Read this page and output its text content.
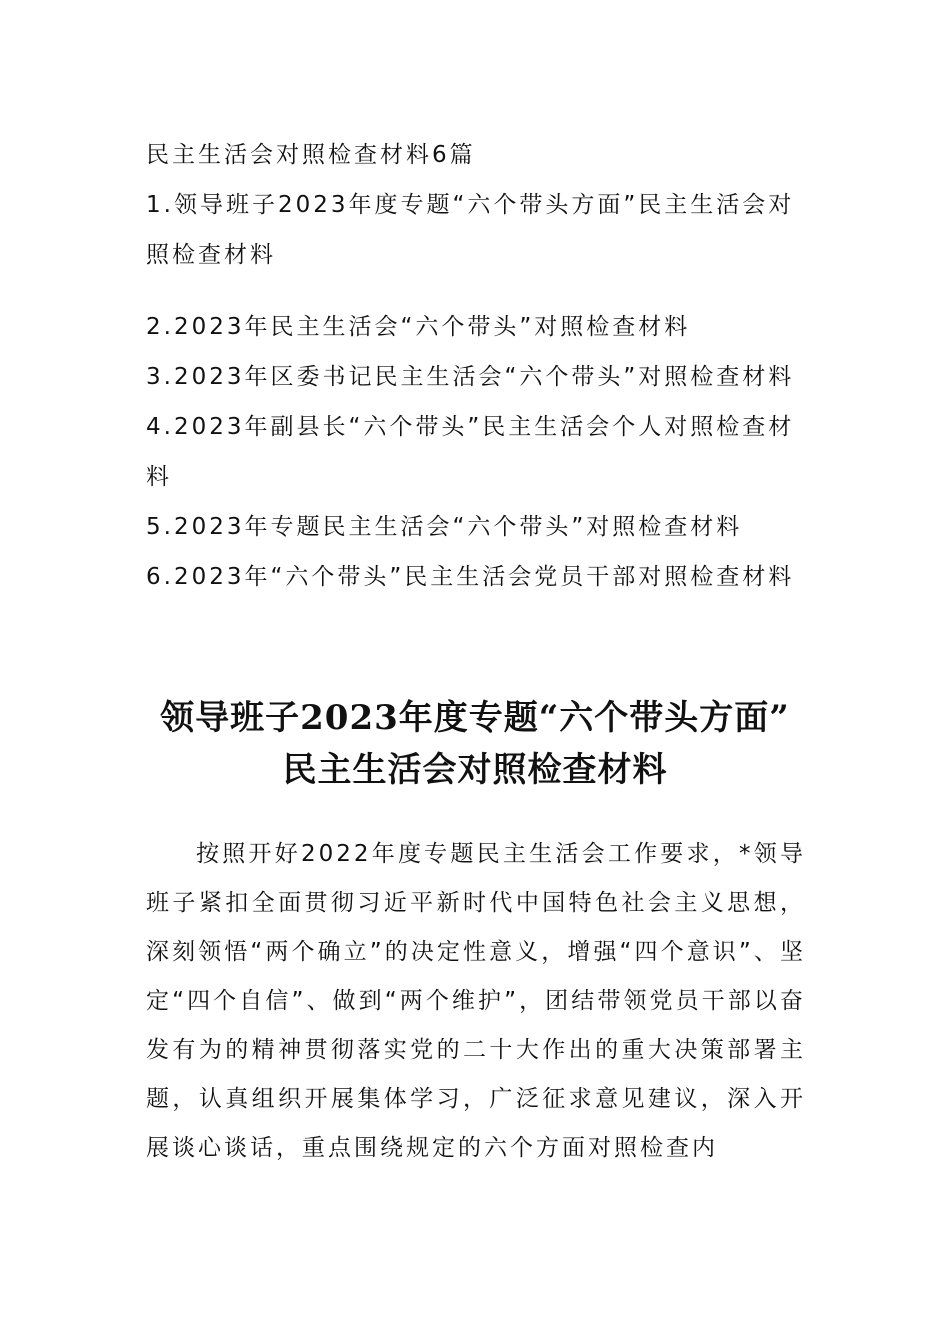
民主生活会对照检查材料6篇
1.领导班子2023年度专题“六个带头方面”民主生活会对照检查材料
2.2023年民主生活会“六个带头”对照检查材料
3.2023年区委书记民主生活会“六个带头”对照检查材料
4.2023年副县长“六个带头”民主生活会个人对照检查材料
5.2023年专题民主生活会“六个带头”对照检查材料
6.2023年“六个带头”民主生活会党员干部对照检查材料
领导班子2023年度专题“六个带头方面”
民主生活会对照检查材料

按照开好2022年度专题民主生活会工作要求，*领导班子紧扣全面贯彻习近平新时代中国特色社会主义思想，深刻领悟“两个确立”的决定性意义，增强“四个意识”、坚定“四个自信”、做到“两个维护”，团结带领党员干部以奋发有为的精神贯彻落实党的二十大作出的重大决策部署主题，认真组织开展集体学习，广泛征求意见建议，深入开展谈心谈话，重点围绕规定的六个方面对照检查内
